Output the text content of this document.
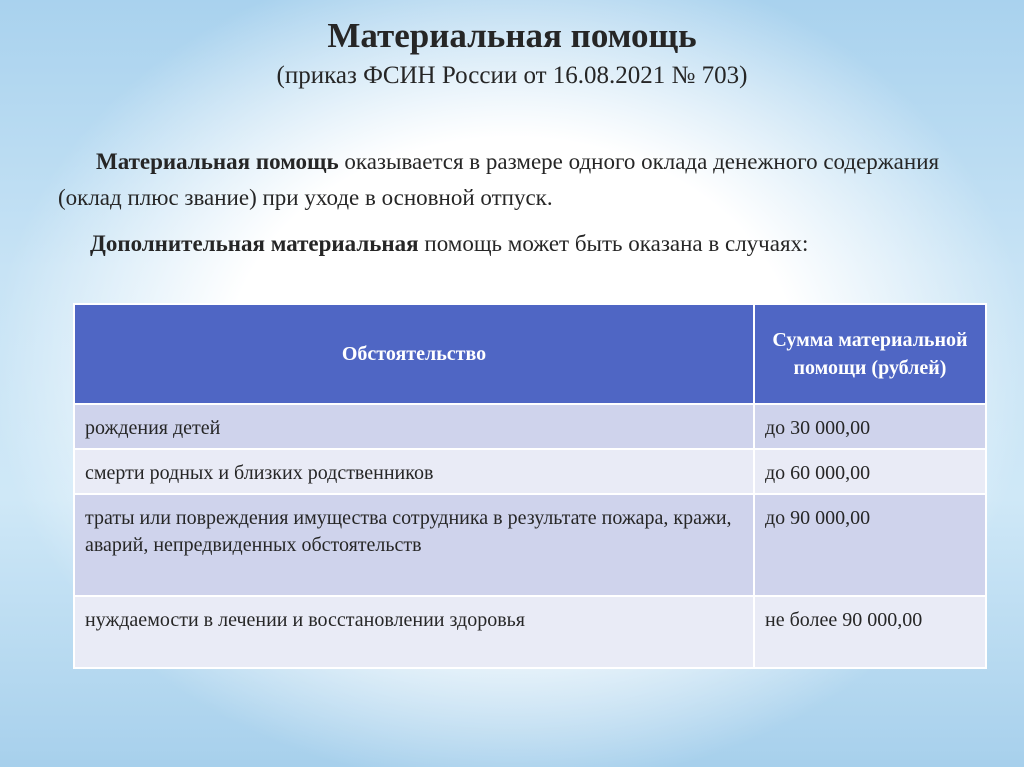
Материальная помощь
(приказ ФСИН России от 16.08.2021 № 703)
Материальная помощь оказывается в размере одного оклада денежного содержания (оклад плюс звание) при уходе в основной отпуск.
Дополнительная материальная помощь может быть оказана в случаях:
Обстоятельство	Сумма материальной помощи (рублей)
рождения детей	до 30 000,00
смерти родных и близких родственников	до 60 000,00
траты или повреждения имущества сотрудника в результате пожара, кражи, аварий, непредвиденных обстоятельств	до 90 000,00
нуждаемости в лечении и восстановлении здоровья	не более 90 000,00
